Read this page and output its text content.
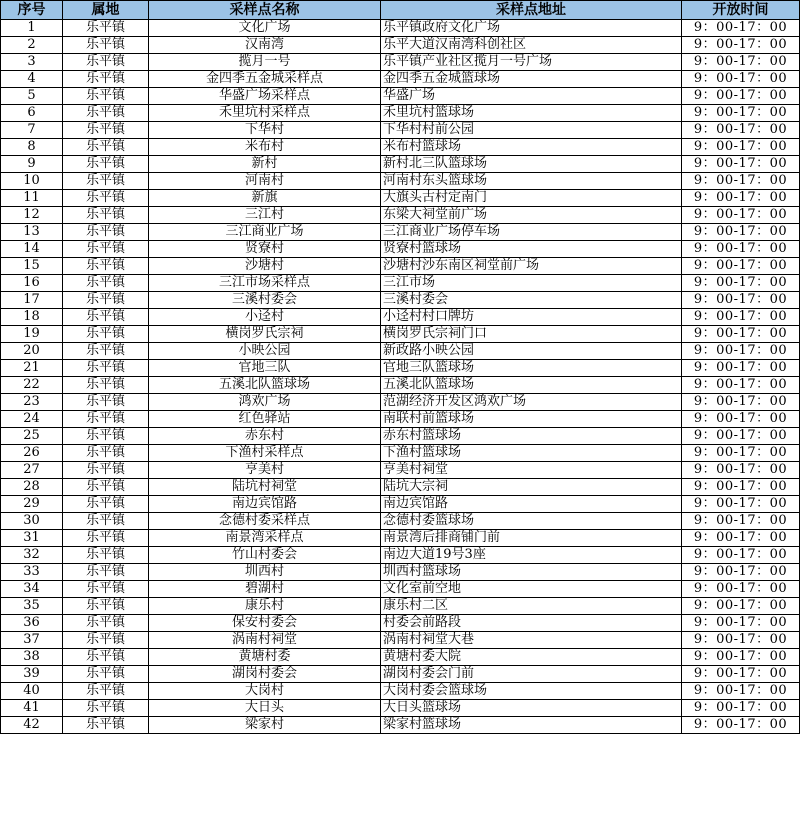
序号	属地	采样点名称	采样点地址	开放时间
1	乐平镇	文化广场	乐平镇政府文化广场	9：00-17：00
2	乐平镇	汉南湾	乐平大道汉南湾科创社区	9：00-17：00
3	乐平镇	揽月一号	乐平镇产业社区揽月一号广场	9：00-17：00
4	乐平镇	金四季五金城采样点	金四季五金城篮球场	9：00-17：00
5	乐平镇	华盛广场采样点	华盛广场	9：00-17：00
6	乐平镇	禾里坑村采样点	禾里坑村篮球场	9：00-17：00
7	乐平镇	下华村	下华村村前公园	9：00-17：00
8	乐平镇	米布村	米布村篮球场	9：00-17：00
9	乐平镇	新村	新村北三队篮球场	9：00-17：00
10	乐平镇	河南村	河南村东头篮球场	9：00-17：00
11	乐平镇	新旗	大旗头古村定南门	9：00-17：00
12	乐平镇	三江村	东梁大祠堂前广场	9：00-17：00
13	乐平镇	三江商业广场	三江商业广场停车场	9：00-17：00
14	乐平镇	贤寮村	贤寮村篮球场	9：00-17：00
15	乐平镇	沙塘村	沙塘村沙东南区祠堂前广场	9：00-17：00
16	乐平镇	三江市场采样点	三江市场	9：00-17：00
17	乐平镇	三溪村委会	三溪村委会	9：00-17：00
18	乐平镇	小迳村	小迳村村口牌坊	9：00-17：00
19	乐平镇	横岗罗氏宗祠	横岗罗氏宗祠门口	9：00-17：00
20	乐平镇	小映公园	新政路小映公园	9：00-17：00
21	乐平镇	官地三队	官地三队篮球场	9：00-17：00
22	乐平镇	五溪北队篮球场	五溪北队篮球场	9：00-17：00
23	乐平镇	鸿欢广场	范湖经济开发区鸿欢广场	9：00-17：00
24	乐平镇	红色驿站	南联村前篮球场	9：00-17：00
25	乐平镇	赤东村	赤东村篮球场	9：00-17：00
26	乐平镇	下渔村采样点	下渔村篮球场	9：00-17：00
27	乐平镇	亨美村	亨美村祠堂	9：00-17：00
28	乐平镇	陆坑村祠堂	陆坑大宗祠	9：00-17：00
29	乐平镇	南边宾馆路	南边宾馆路	9：00-17：00
30	乐平镇	念德村委采样点	念德村委篮球场	9：00-17：00
31	乐平镇	南景湾采样点	南景湾后排商铺门前	9：00-17：00
32	乐平镇	竹山村委会	南边大道19号3座	9：00-17：00
33	乐平镇	圳西村	圳西村篮球场	9：00-17：00
34	乐平镇	碧湖村	文化室前空地	9：00-17：00
35	乐平镇	康乐村	康乐村二区	9：00-17：00
36	乐平镇	保安村委会	村委会前路段	9：00-17：00
37	乐平镇	涡南村祠堂	涡南村祠堂大巷	9：00-17：00
38	乐平镇	黄塘村委	黄塘村委大院	9：00-17：00
39	乐平镇	湖岗村委会	湖岗村委会门前	9：00-17：00
40	乐平镇	大岗村	大岗村委会篮球场	9：00-17：00
41	乐平镇	大日头	大日头篮球场	9：00-17：00
42	乐平镇	梁家村	梁家村篮球场	9：00-17：00
